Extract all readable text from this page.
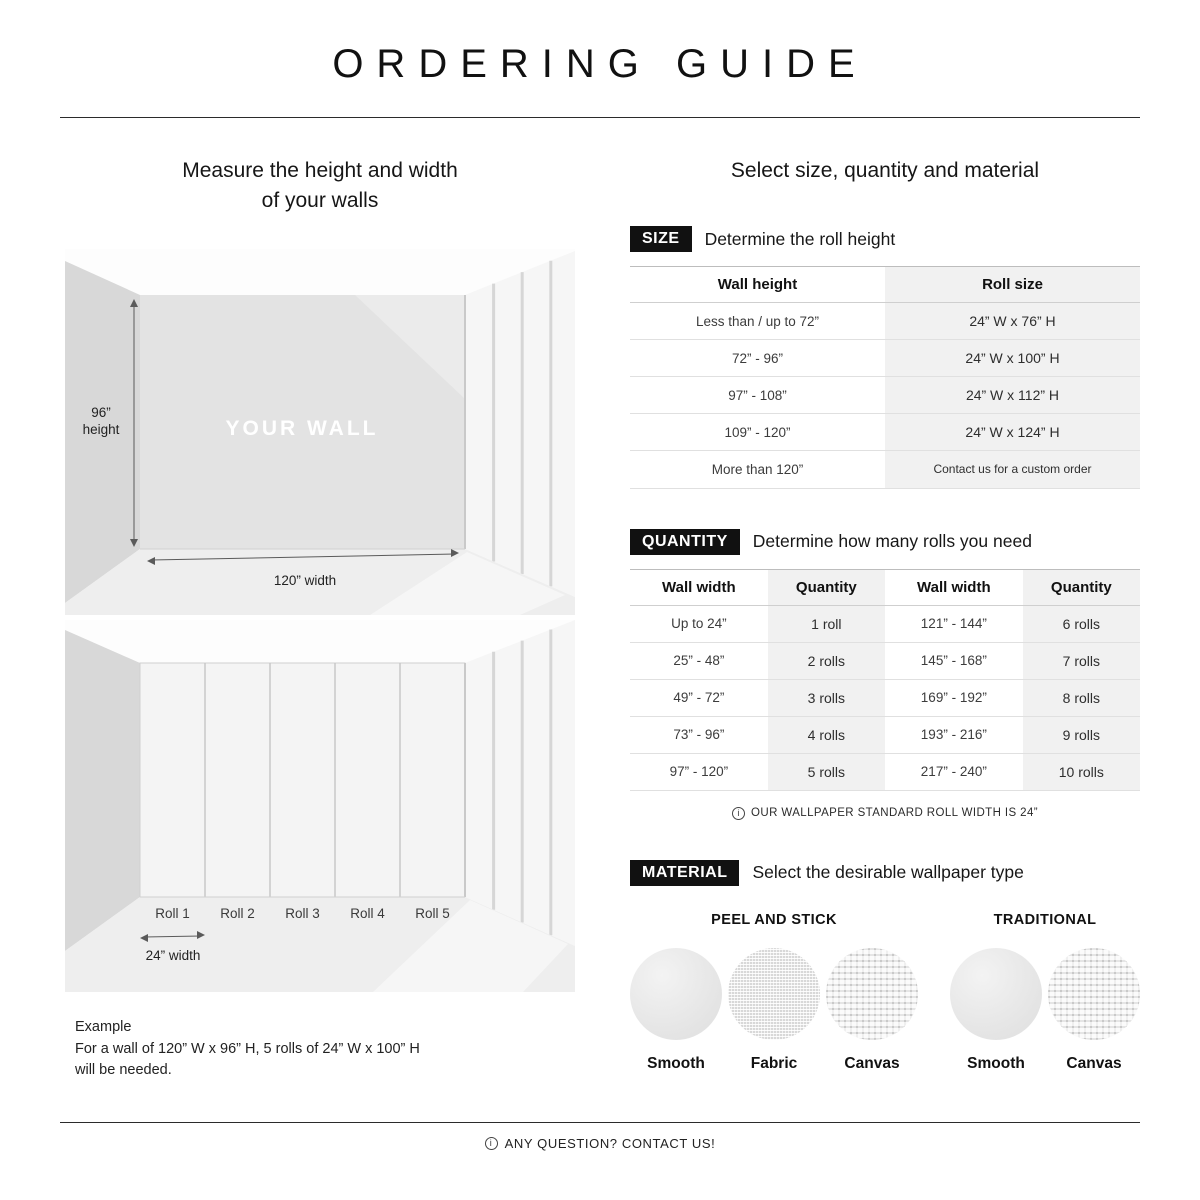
ORDERING GUIDE
Measure the height and width
of your walls
YOUR WALL
96”
height
120” width
Roll 1 Roll 2 Roll 3 Roll 4 Roll 5
24” width
Example
For a wall of 120” W x 96” H, 5 rolls of 24” W x 100” H
will be needed.
Select size, quantity and material
SIZE	Determine the roll height
Wall height	Roll size
Less than / up to 72”	24” W x 76” H
72” - 96”	24” W x 100” H
97” - 108”	24” W x 112” H
109” - 120”	24” W x 124” H
More than 120”	Contact us for a custom order
QUANTITY	Determine how many rolls you need
Wall width	Quantity	Wall width	Quantity
Up to 24”	1 roll	121” - 144”	6 rolls
25” - 48”	2 rolls	145” - 168”	7 rolls
49” - 72”	3 rolls	169” - 192”	8 rolls
73” - 96”	4 rolls	193” - 216”	9 rolls
97” - 120”	5 rolls	217” - 240”	10 rolls
i OUR WALLPAPER STANDARD ROLL WIDTH IS 24”
MATERIAL	Select the desirable wallpaper type
PEEL AND STICK
Smooth	Fabric	Canvas
TRADITIONAL
Smooth	Canvas
i ANY QUESTION? CONTACT US!
